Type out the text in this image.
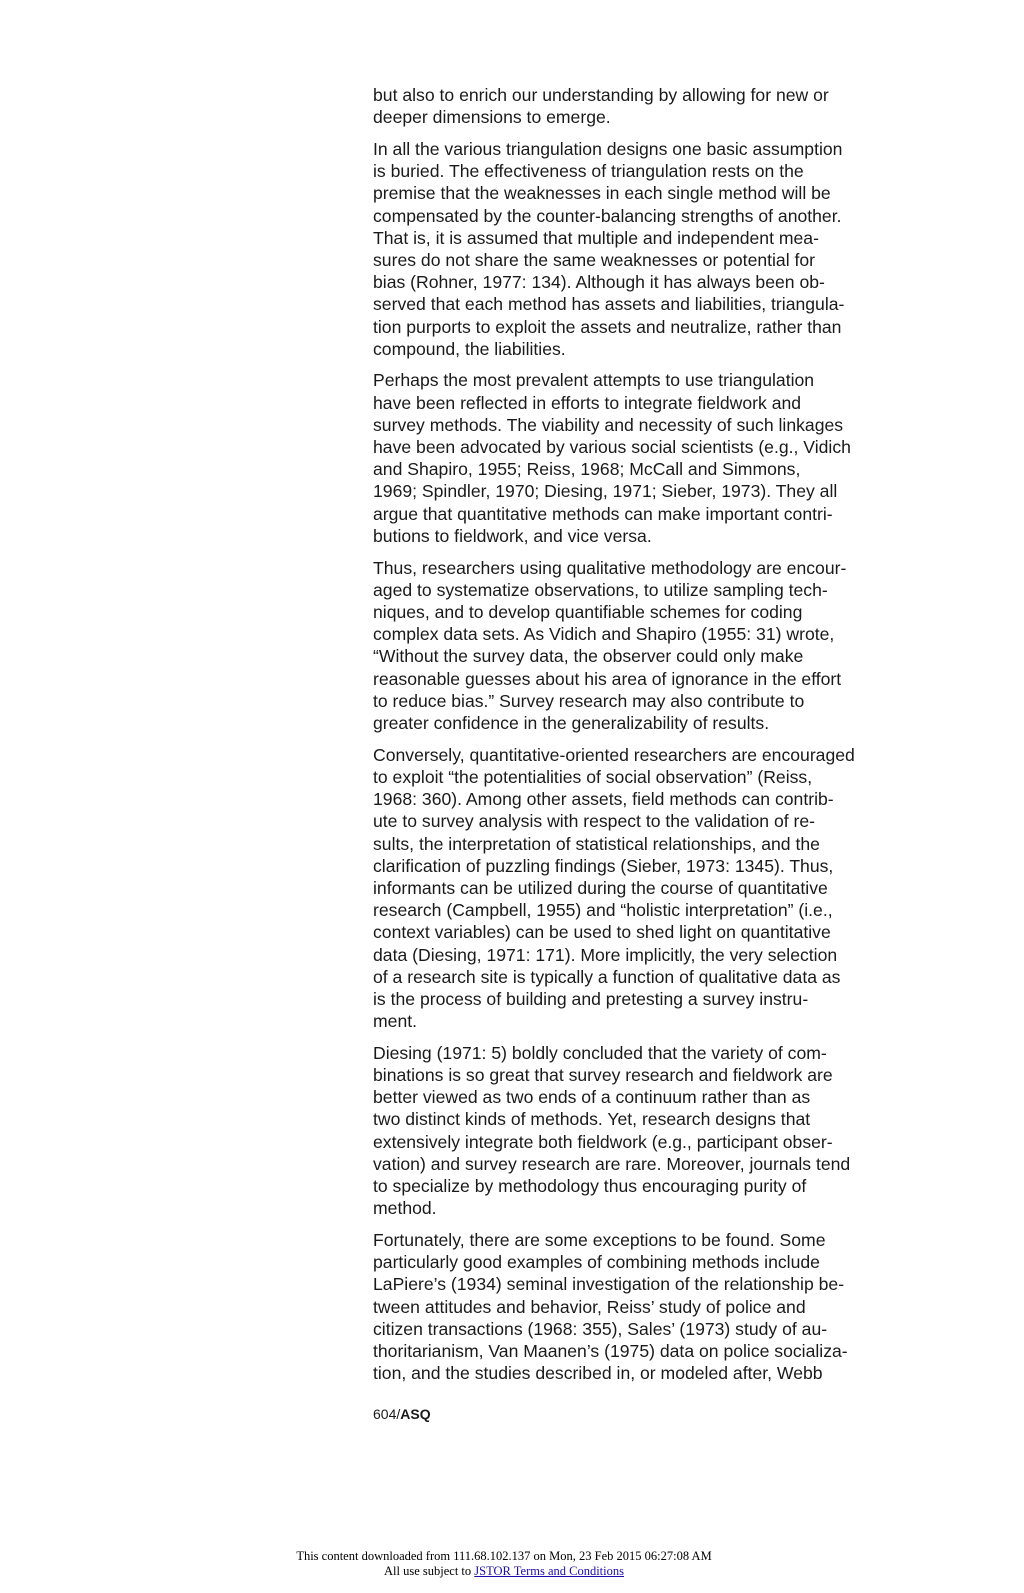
but also to enrich our understanding by allowing for new or
deeper dimensions to emerge.

In all the various triangulation designs one basic assumption
is buried. The effectiveness of triangulation rests on the
premise that the weaknesses in each single method will be
compensated by the counter-balancing strengths of another.
That is, it is assumed that multiple and independent mea-
sures do not share the same weaknesses or potential for
bias (Rohner, 1977: 134). Although it has always been ob-
served that each method has assets and liabilities, triangula-
tion purports to exploit the assets and neutralize, rather than
compound, the liabilities.

Perhaps the most prevalent attempts to use triangulation
have been reflected in efforts to integrate fieldwork and
survey methods. The viability and necessity of such linkages
have been advocated by various social scientists (e.g., Vidich
and Shapiro, 1955; Reiss, 1968; McCall and Simmons,
1969; Spindler, 1970; Diesing, 1971; Sieber, 1973). They all
argue that quantitative methods can make important contri-
butions to fieldwork, and vice versa.

Thus, researchers using qualitative methodology are encour-
aged to systematize observations, to utilize sampling tech-
niques, and to develop quantifiable schemes for coding
complex data sets. As Vidich and Shapiro (1955: 31) wrote,
“Without the survey data, the observer could only make
reasonable guesses about his area of ignorance in the effort
to reduce bias.” Survey research may also contribute to
greater confidence in the generalizability of results.

Conversely, quantitative-oriented researchers are encouraged
to exploit “the potentialities of social observation” (Reiss,
1968: 360). Among other assets, field methods can contrib-
ute to survey analysis with respect to the validation of re-
sults, the interpretation of statistical relationships, and the
clarification of puzzling findings (Sieber, 1973: 1345). Thus,
informants can be utilized during the course of quantitative
research (Campbell, 1955) and “holistic interpretation” (i.e.,
context variables) can be used to shed light on quantitative
data (Diesing, 1971: 171). More implicitly, the very selection
of a research site is typically a function of qualitative data as
is the process of building and pretesting a survey instru-
ment.

Diesing (1971: 5) boldly concluded that the variety of com-
binations is so great that survey research and fieldwork are
better viewed as two ends of a continuum rather than as
two distinct kinds of methods. Yet, research designs that
extensively integrate both fieldwork (e.g., participant obser-
vation) and survey research are rare. Moreover, journals tend
to specialize by methodology thus encouraging purity of
method.

Fortunately, there are some exceptions to be found. Some
particularly good examples of combining methods include
LaPiere’s (1934) seminal investigation of the relationship be-
tween attitudes and behavior, Reiss’ study of police and
citizen transactions (1968: 355), Sales’ (1973) study of au-
thoritarianism, Van Maanen’s (1975) data on police socializa-
tion, and the studies described in, or modeled after, Webb

604/ASQ
This content downloaded from 111.68.102.137 on Mon, 23 Feb 2015 06:27:08 AM
All use subject to JSTOR Terms and Conditions
